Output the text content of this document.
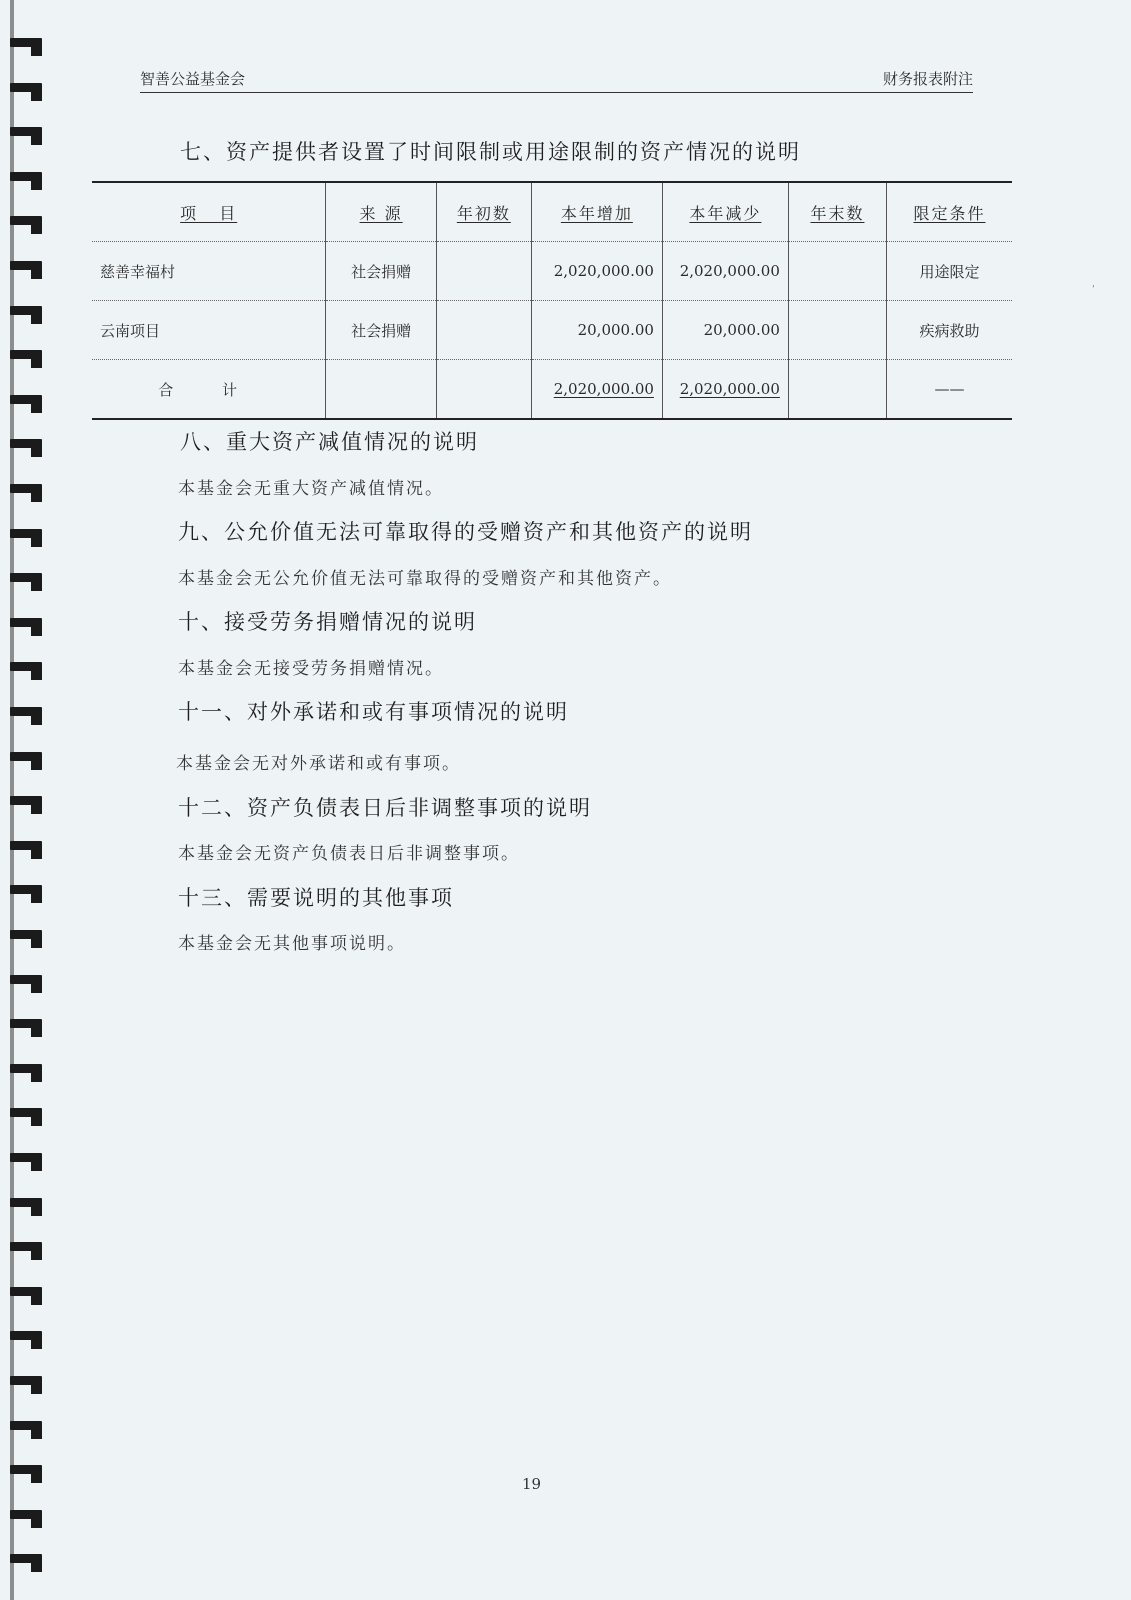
智善公益基金会	财务报表附注
七、资产提供者设置了时间限制或用途限制的资产情况的说明
项 目	来 源	年初数	本年增加	本年减少	年末数	限定条件
慈善幸福村	社会捐赠		2,020,000.00	2,020,000.00		用途限定
云南项目	社会捐赠		20,000.00	20,000.00		疾病救助
合 计			2,020,000.00	2,020,000.00		——
八、重大资产减值情况的说明
本基金会无重大资产减值情况。
九、公允价值无法可靠取得的受赠资产和其他资产的说明
本基金会无公允价值无法可靠取得的受赠资产和其他资产。
十、接受劳务捐赠情况的说明
本基金会无接受劳务捐赠情况。
十一、对外承诺和或有事项情况的说明
本基金会无对外承诺和或有事项。
十二、资产负债表日后非调整事项的说明
本基金会无资产负债表日后非调整事项。
十三、需要说明的其他事项
本基金会无其他事项说明。
19
ʹ
